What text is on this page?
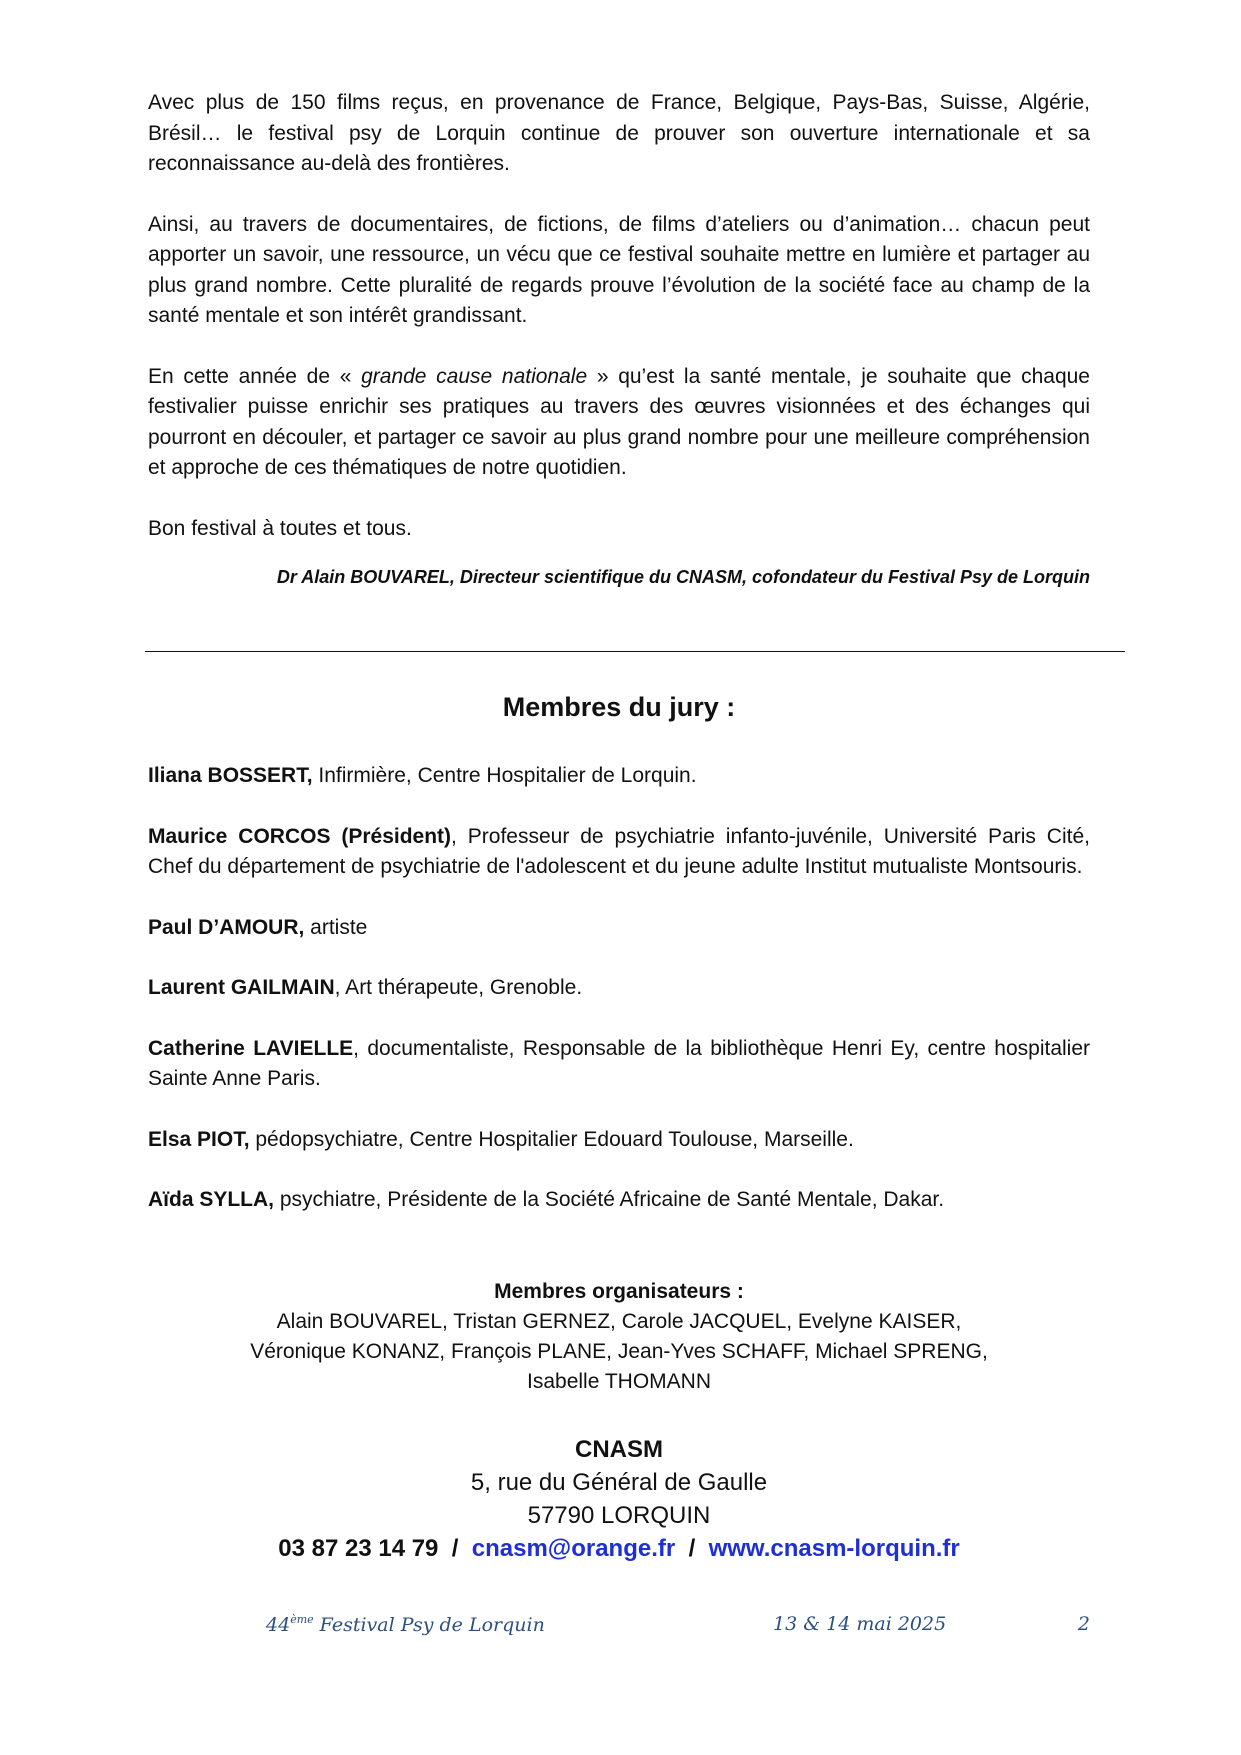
Avec plus de 150 films reçus, en provenance de France, Belgique, Pays-Bas, Suisse, Algérie, Brésil… le festival psy de Lorquin continue de prouver son ouverture internationale et sa reconnaissance au-delà des frontières.

Ainsi, au travers de documentaires, de fictions, de films d’ateliers ou d’animation… chacun peut apporter un savoir, une ressource, un vécu que ce festival souhaite mettre en lumière et partager au plus grand nombre. Cette pluralité de regards prouve l’évolution de la société face au champ de la santé mentale et son intérêt grandissant.

En cette année de « grande cause nationale » qu’est la santé mentale, je souhaite que chaque festivalier puisse enrichir ses pratiques au travers des œuvres visionnées et des échanges qui pourront en découler, et partager ce savoir au plus grand nombre pour une meilleure compréhension et approche de ces thématiques de notre quotidien.

Bon festival à toutes et tous.

Dr Alain BOUVAREL, Directeur scientifique du CNASM, cofondateur du Festival Psy de Lorquin

Membres du jury :

Iliana BOSSERT, Infirmière, Centre Hospitalier de Lorquin.

Maurice CORCOS (Président), Professeur de psychiatrie infanto-juvénile, Université Paris Cité, Chef du département de psychiatrie de l'adolescent et du jeune adulte Institut mutualiste Montsouris.

Paul D’AMOUR, artiste

Laurent GAILMAIN, Art thérapeute, Grenoble.

Catherine LAVIELLE, documentaliste, Responsable de la bibliothèque Henri Ey, centre hospitalier Sainte Anne Paris.

Elsa PIOT, pédopsychiatre, Centre Hospitalier Edouard Toulouse, Marseille.

Aïda SYLLA, psychiatre, Présidente de la Société Africaine de Santé Mentale, Dakar.

Membres organisateurs :

Alain BOUVAREL, Tristan GERNEZ, Carole JACQUEL, Evelyne KAISER,

Véronique KONANZ, François PLANE, Jean-Yves SCHAFF, Michael SPRENG,

Isabelle THOMANN

CNASM

5, rue du Général de Gaulle

57790 LORQUIN

03 87 23 14 79 / cnasm@orange.fr / www.cnasm-lorquin.fr

44ème Festival Psy de Lorquin	13 & 14 mai 2025	2
